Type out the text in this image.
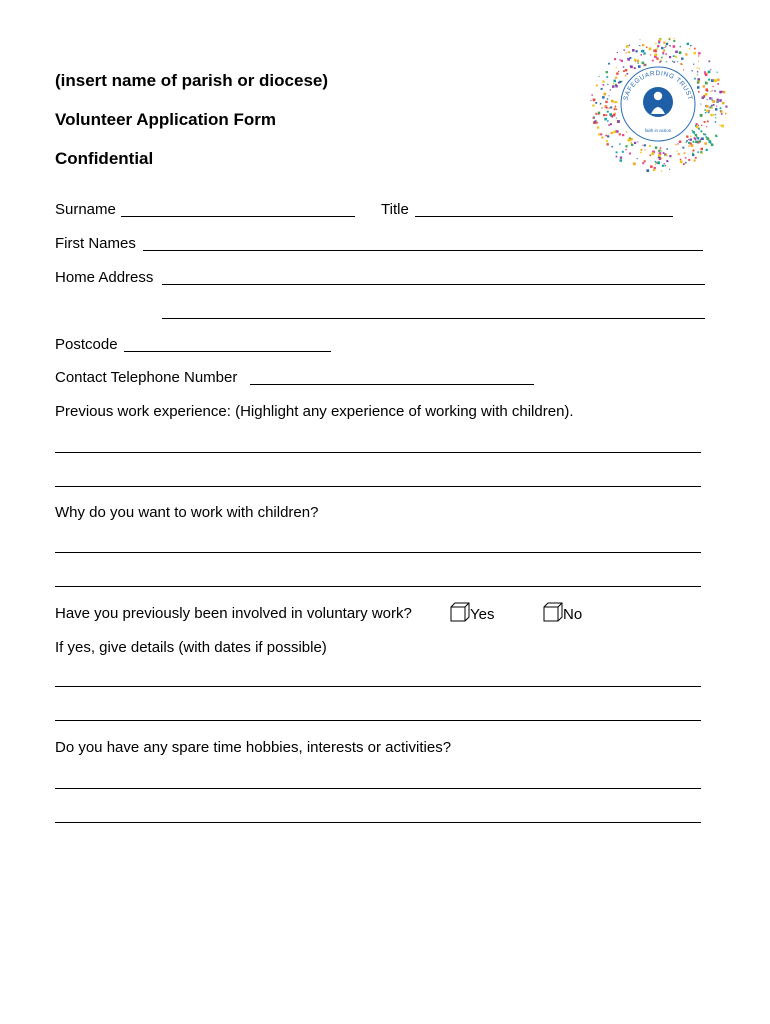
(insert name of parish or diocese)
Volunteer Application Form
Confidential
SAFEGUARDING TRUST
faith in action
Surname	Title
First Names
Home Address
Postcode
Contact Telephone Number
Previous work experience: (Highlight any experience of working with children).
Why do you want to work with children?
Have you previously been involved in voluntary work?	Yes	No
If yes, give details (with dates if possible)
Do you have any spare time hobbies, interests or activities?
